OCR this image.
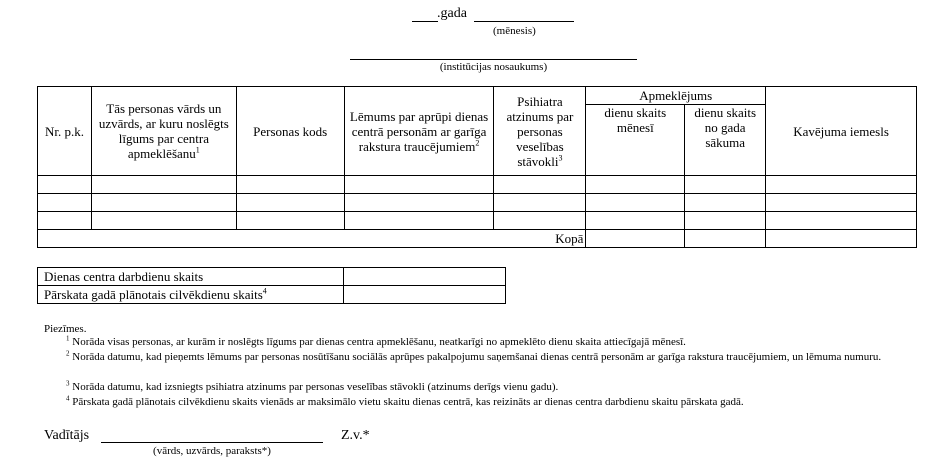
.gada
(mēnesis)
(institūcijas nosaukums)
Nr. p.k.	Tās personas vārds un uzvārds, ar kuru noslēgts līgums par centra apmeklēšanu$^1$	Personas kods	Lēmums par aprūpi dienas centrā personām ar garīga rakstura traucējumiem$^2$	Psihiatra atzinums par personas veselības stāvokli$^3$	Apmeklējums		Kavējuma iemesls
					dienu skaits mēnesī	dienu skaits no gada sākuma	

Kopā							
Dienas centra darbdienu skaits	
Pārskata gadā plānotais cilvēkdienu skaits$^4$	
Piezīmes.
$^1$ Norāda visas personas, ar kurām ir noslēgts līgums par dienas centra apmeklēšanu, neatkarīgi no apmeklēto dienu skaita attiecīgajā mēnesī.
$^2$ Norāda datumu, kad pieņemts lēmums par personas nosūtīšanu sociālās aprūpes pakalpojumu saņemšanai dienas centrā personām ar garīga rakstura traucējumiem, un lēmuma numuru.
$^3$ Norāda datumu, kad izsniegts psihiatra atzinums par personas veselības stāvokli (atzinums derīgs vienu gadu).
$^4$ Pārskata gadā plānotais cilvēkdienu skaits vienāds ar maksimālo vietu skaitu dienas centrā, kas reizināts ar dienas centra darbdienu skaitu pārskata gadā.
Vadītājs
(vārds, uzvārds, paraksts*)
Z.v.*
